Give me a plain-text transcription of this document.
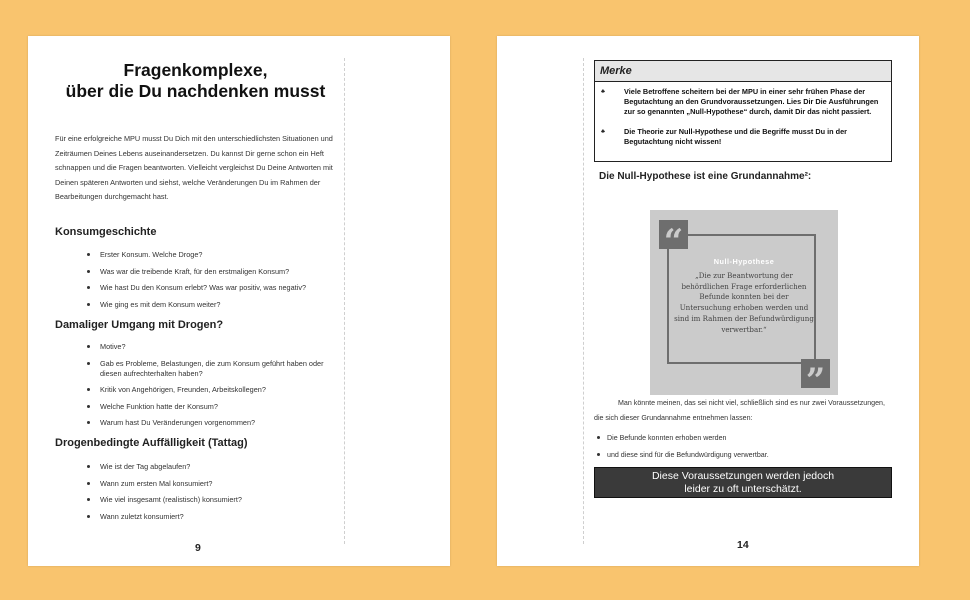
Fragenkomplexe,
über die Du nachdenken musst
Für eine erfolgreiche MPU musst Du Dich mit den unterschiedlichsten Situationen und Zeiträumen Deines Lebens auseinandersetzen. Du kannst Dir gerne schon ein Heft schnappen und die Fragen beantworten. Vielleicht vergleichst Du Deine Antworten mit Deinen späteren Antworten und siehst, welche Veränderungen Du im Rahmen der Bearbeitungen durchgemacht hast.
Konsumgeschichte
Erster Konsum. Welche Droge?
Was war die treibende Kraft, für den erstmaligen Konsum?
Wie hast Du den Konsum erlebt? Was war positiv, was negativ?
Wie ging es mit dem Konsum weiter?
Damaliger Umgang mit Drogen?
Motive?
Gab es Probleme, Belastungen, die zum Konsum geführt haben oder diesen aufrechterhalten haben?
Kritik von Angehörigen, Freunden, Arbeitskollegen?
Welche Funktion hatte der Konsum?
Warum hast Du Veränderungen vorgenommen?
Drogenbedingte Auffälligkeit (Tattag)
Wie ist der Tag abgelaufen?
Wann zum ersten Mal konsumiert?
Wie viel insgesamt (realistisch) konsumiert?
Wann zuletzt konsumiert?
9
Merke
♣	Viele Betroffene scheitern bei der MPU in einer sehr frühen Phase der Begutachtung an den Grundvoraussetzungen. Lies Dir Die Ausführungen zur so genannten „Null-Hypothese“ durch, damit Dir das nicht passiert.
♣	Die Theorie zur Null-Hypothese und die Begriffe musst Du in der Begutachtung nicht wissen!
Die Null-Hypothese ist eine Grundannahme²:
“
”
Null-Hypothese
„Die zur Beantwortung der behördlichen Frage erforderlichen Befunde konnten bei der Untersuchung erhoben werden und sind im Rahmen der Befundwürdigung verwertbar.“
Man könnte meinen, das sei nicht viel, schließlich sind es nur zwei Voraussetzungen, die sich dieser Grundannahme entnehmen lassen:
Die Befunde konnten erhoben werden
und diese sind für die Befundwürdigung verwertbar.
Diese Voraussetzungen werden jedoch
leider zu oft unterschätzt.
14
